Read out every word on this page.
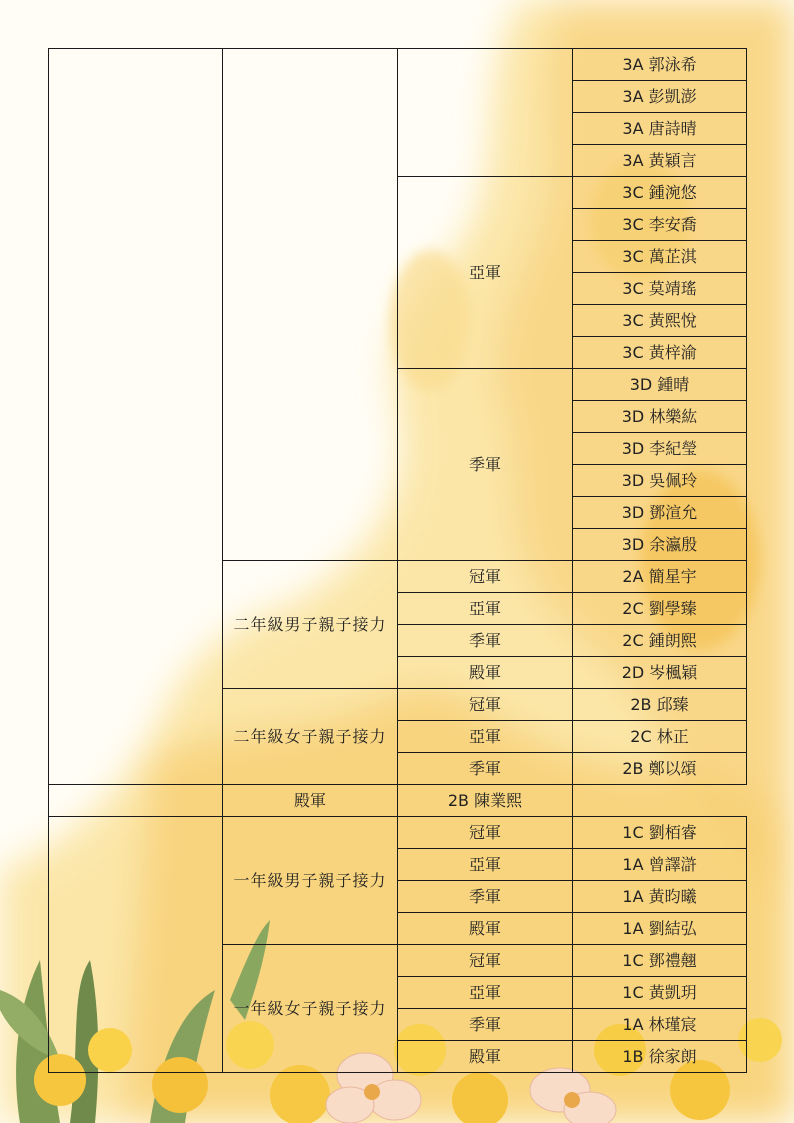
			3A 郭泳希
			3A 彭凱澎
			3A 唐詩晴
			3A 黃穎言
		亞軍	3C 鍾涴悠
			3C 李安喬
			3C 萬芷淇
			3C 莫靖瑤
			3C 黃熙悅
			3C 黃梓渝
		季軍	3D 鍾晴
			3D 林樂紘
			3D 李紀瑩
			3D 吳佩玲
			3D 鄧渲允
			3D 余瀛殷
	二年級男子親子接力	冠軍	2A 簡星宇
		亞軍	2C 劉學臻
		季軍	2C 鍾朗熙
		殿軍	2D 岑楓穎
	二年級女子親子接力	冠軍	2B 邱臻
		亞軍	2C 林正
		季軍	2B 鄭以頌
	殿軍	2B 陳業熙	
	一年級男子親子接力	冠軍	1C 劉栢睿
		亞軍	1A 曾譯滸
		季軍	1A 黃昀曦
		殿軍	1A 劉結弘
	一年級女子親子接力	冠軍	1C 鄧禮翹
		亞軍	1C 黃凱玥
		季軍	1A 林瑾宸
		殿軍	1B 徐家朗
